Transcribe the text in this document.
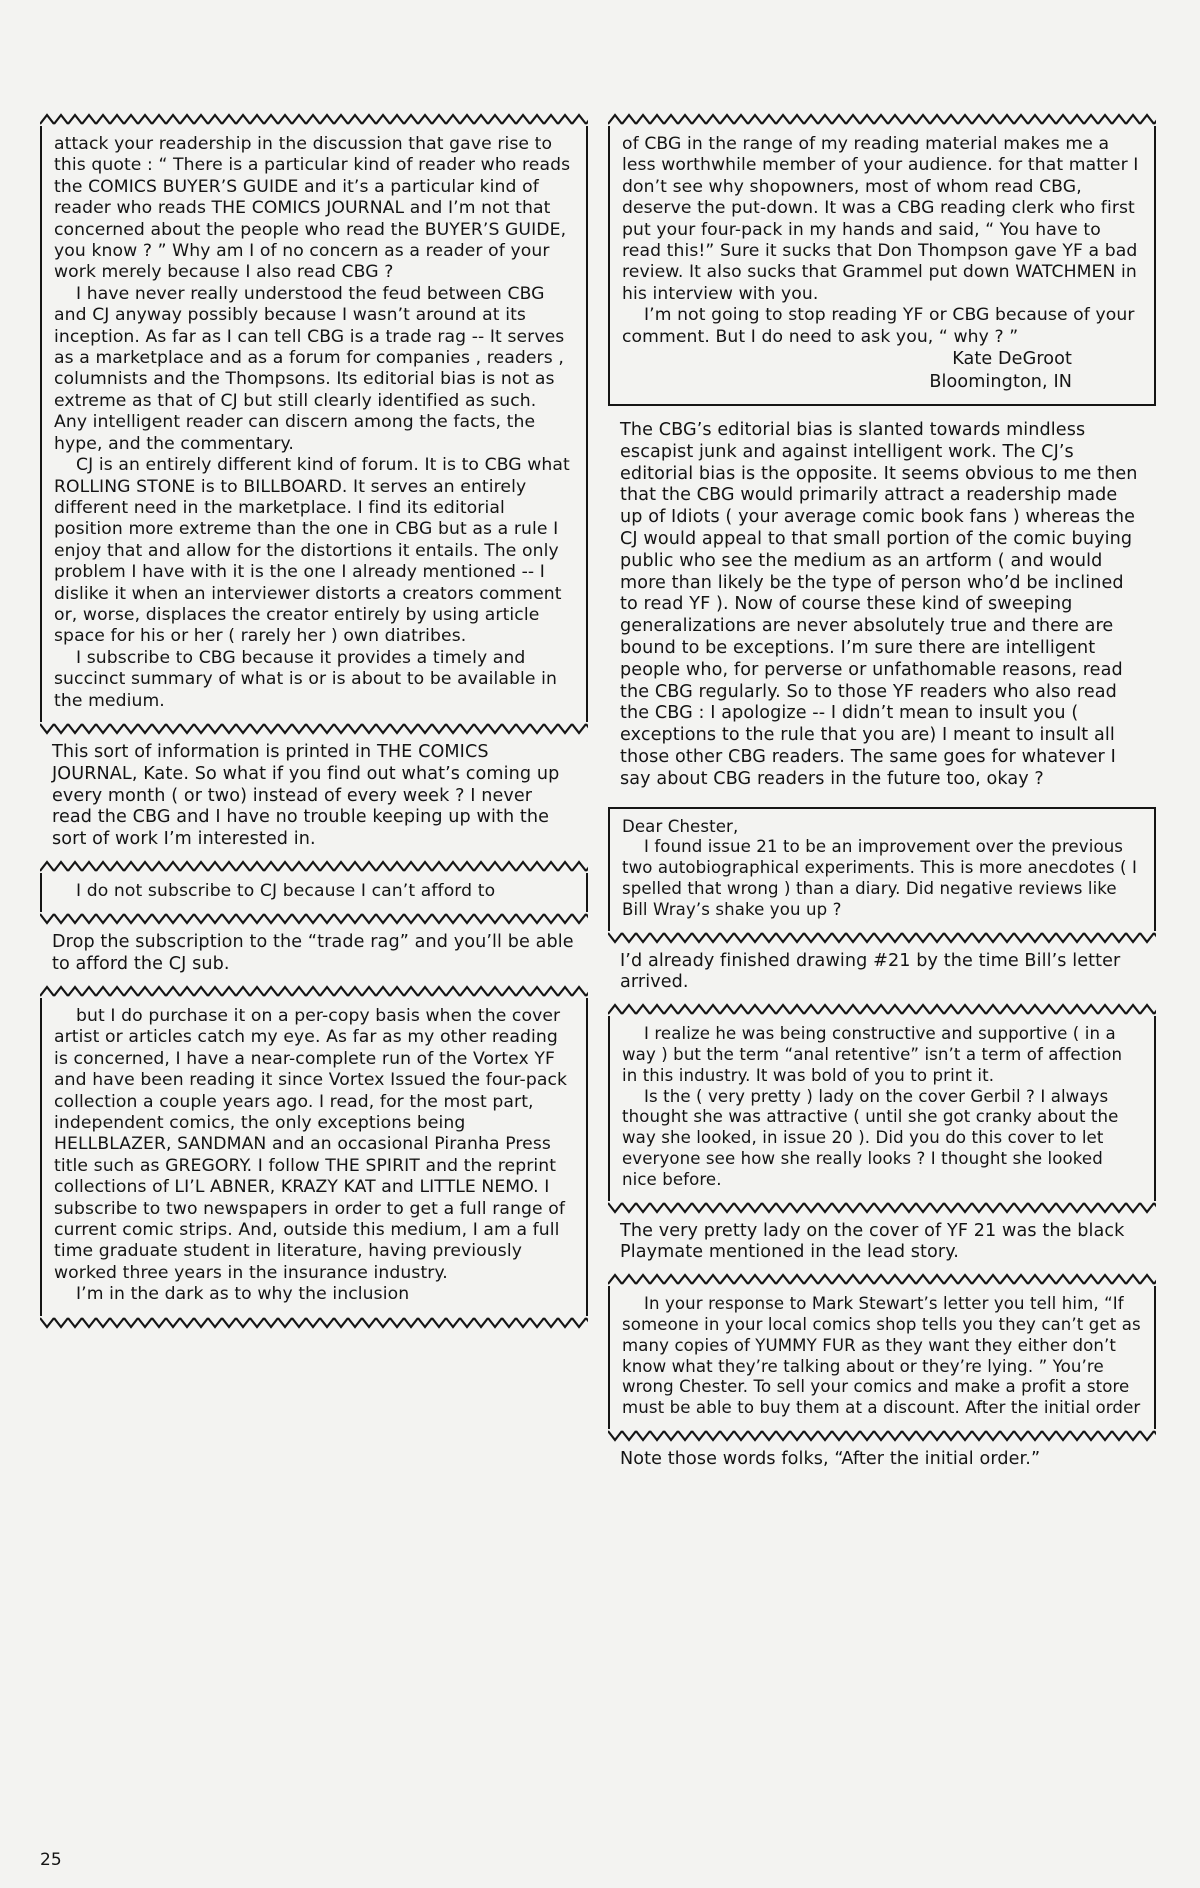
attack your readership in the discussion that gave rise to this quote : “ There is a particular kind of reader who reads the COMICS BUYER’S GUIDE and it’s a particular kind of reader who reads THE COMICS JOURNAL and I’m not that concerned about the people who read the BUYER’S GUIDE, you know ? ” Why am I of no concern as a reader of your work merely because I also read CBG ?

I have never really understood the feud between CBG and CJ anyway possibly because I wasn’t around at its inception. As far as I can tell CBG is a trade rag -- It serves as a marketplace and as a forum for companies , readers , columnists and the Thompsons. Its editorial bias is not as extreme as that of CJ but still clearly identified as such. Any intelligent reader can discern among the facts, the hype, and the commentary.

CJ is an entirely different kind of forum. It is to CBG what ROLLING STONE is to BILLBOARD. It serves an entirely different need in the marketplace. I find its editorial position more extreme than the one in CBG but as a rule I enjoy that and allow for the distortions it entails. The only problem I have with it is the one I already mentioned -- I dislike it when an interviewer distorts a creators comment or, worse, displaces the creator entirely by using article space for his or her ( rarely her ) own diatribes.

I subscribe to CBG because it provides a timely and succinct summary of what is or is about to be available in the medium.

This sort of information is printed in THE COMICS JOURNAL, Kate. So what if you find out what’s coming up every month ( or two) instead of every week ? I never read the CBG and I have no trouble keeping up with the sort of work I’m interested in.

I do not subscribe to CJ because I can’t afford to

Drop the subscription to the “trade rag” and you’ll be able to afford the CJ sub.

but I do purchase it on a per-copy basis when the cover artist or articles catch my eye. As far as my other reading is concerned, I have a near-complete run of the Vortex YF and have been reading it since Vortex Issued the four-pack collection a couple years ago. I read, for the most part, independent comics, the only exceptions being HELLBLAZER, SANDMAN and an occasional Piranha Press title such as GREGORY. I follow THE SPIRIT and the reprint collections of LI’L ABNER, KRAZY KAT and LITTLE NEMO. I subscribe to two newspapers in order to get a full range of current comic strips. And, outside this medium, I am a full time graduate student in literature, having previously worked three years in the insurance industry.

I’m in the dark as to why the inclusion

of CBG in the range of my reading material makes me a less worthwhile member of your audience. for that matter I don’t see why shopowners, most of whom read CBG, deserve the put-down. It was a CBG reading clerk who first put your four-pack in my hands and said, “ You have to read this!” Sure it sucks that Don Thompson gave YF a bad review. It also sucks that Grammel put down WATCHMEN in his interview with you.

I’m not going to stop reading YF or CBG because of your comment. But I do need to ask you, “ why ? ”

Kate DeGroot

Bloomington, IN

The CBG’s editorial bias is slanted towards mindless escapist junk and against intelligent work. The CJ’s editorial bias is the opposite. It seems obvious to me then that the CBG would primarily attract a readership made up of Idiots ( your average comic book fans ) whereas the CJ would appeal to that small portion of the comic buying public who see the medium as an artform ( and would more than likely be the type of person who’d be inclined to read YF ). Now of course these kind of sweeping generalizations are never absolutely true and there are bound to be exceptions. I’m sure there are intelligent people who, for perverse or unfathomable reasons, read the CBG regularly. So to those YF readers who also read the CBG : I apologize -- I didn’t mean to insult you ( exceptions to the rule that you are) I meant to insult all those other CBG readers. The same goes for whatever I say about CBG readers in the future too, okay ?

Dear Chester,

I found issue 21 to be an improvement over the previous two autobiographical experiments. This is more anecdotes ( I spelled that wrong ) than a diary. Did negative reviews like Bill Wray’s shake you up ?

I’d already finished drawing #21 by the time Bill’s letter arrived.

I realize he was being constructive and supportive ( in a way ) but the term “anal retentive” isn’t a term of affection in this industry. It was bold of you to print it.

Is the ( very pretty ) lady on the cover Gerbil ? I always thought she was attractive ( until she got cranky about the way she looked, in issue 20 ). Did you do this cover to let everyone see how she really looks ? I thought she looked nice before.

The very pretty lady on the cover of YF 21 was the black Playmate mentioned in the lead story.

In your response to Mark Stewart’s letter you tell him, “If someone in your local comics shop tells you they can’t get as many copies of YUMMY FUR as they want they either don’t know what they’re talking about or they’re lying. ” You’re wrong Chester. To sell your comics and make a profit a store must be able to buy them at a discount. After the initial order

Note those words folks, “After the initial order.”

25
